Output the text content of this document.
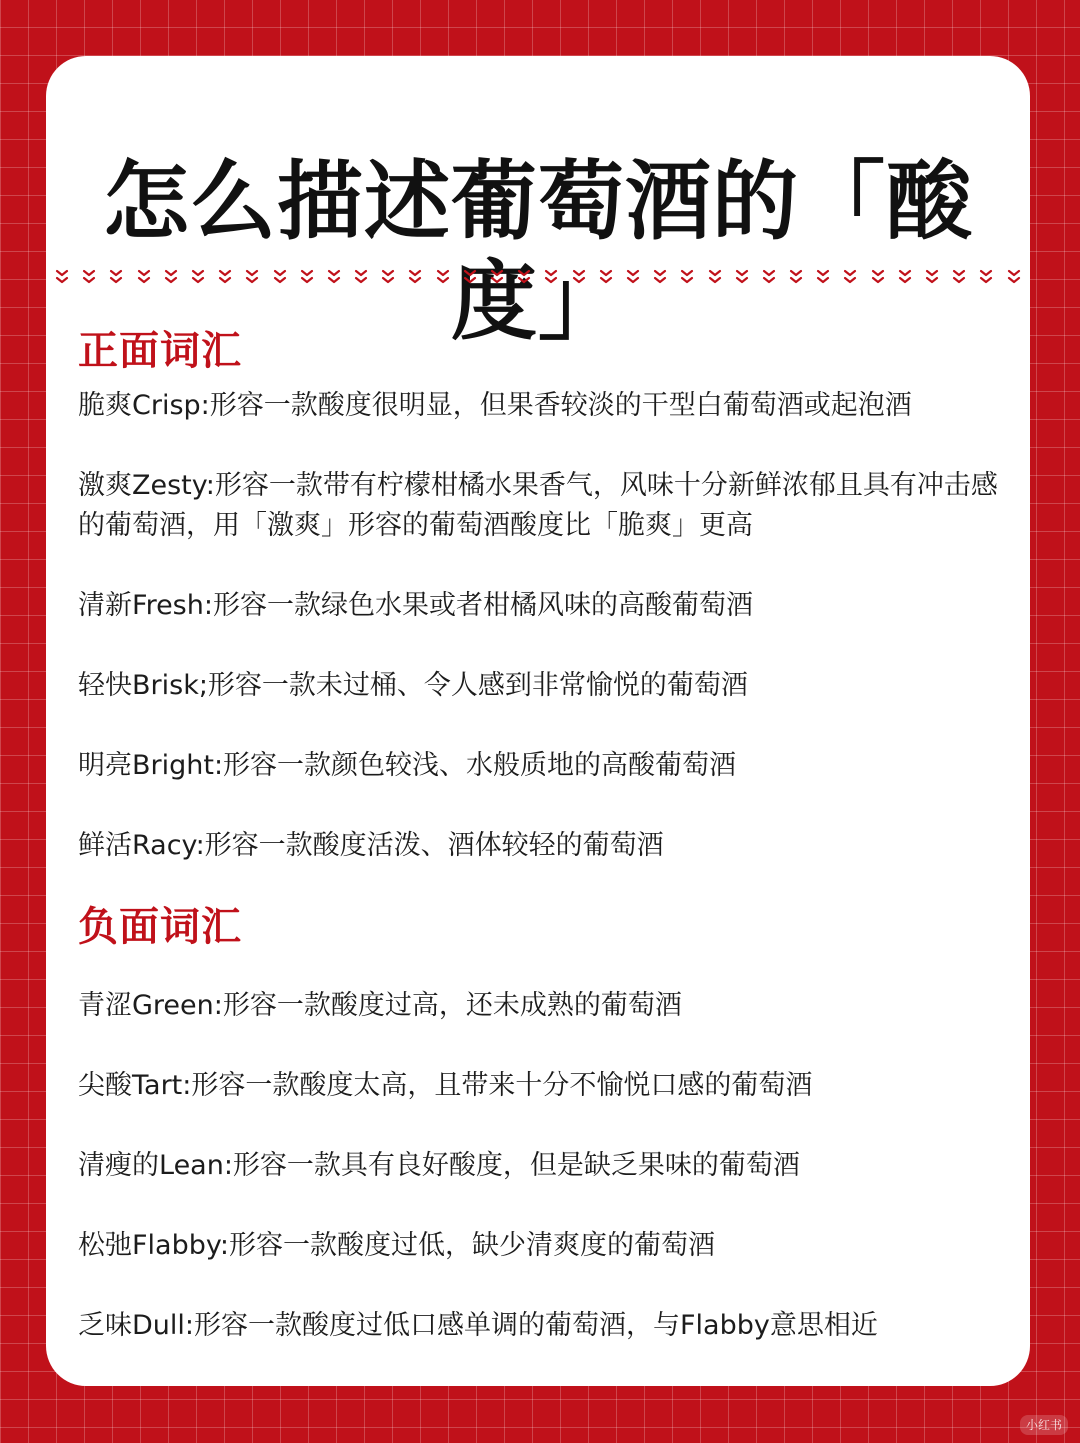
怎么描述葡萄酒的「酸度」
正面词汇
脆爽Crisp:形容一款酸度很明显，但果香较淡的干型白葡萄酒或起泡酒
激爽Zesty:形容一款带有柠檬柑橘水果香气，风味十分新鲜浓郁且具有冲击感的葡萄酒，用「激爽」形容的葡萄酒酸度比「脆爽」更高
清新Fresh:形容一款绿色水果或者柑橘风味的高酸葡萄酒
轻快Brisk;形容一款未过桶、令人感到非常愉悦的葡萄酒
明亮Bright:形容一款颜色较浅、水般质地的高酸葡萄酒
鲜活Racy:形容一款酸度活泼、酒体较轻的葡萄酒
负面词汇
青涩Green:形容一款酸度过高，还未成熟的葡萄酒
尖酸Tart:形容一款酸度太高，且带来十分不愉悦口感的葡萄酒
清瘦的Lean:形容一款具有良好酸度，但是缺乏果味的葡萄酒
松弛Flabby:形容一款酸度过低，缺少清爽度的葡萄酒
乏味Dull:形容一款酸度过低口感单调的葡萄酒，与Flabby意思相近
小红书
